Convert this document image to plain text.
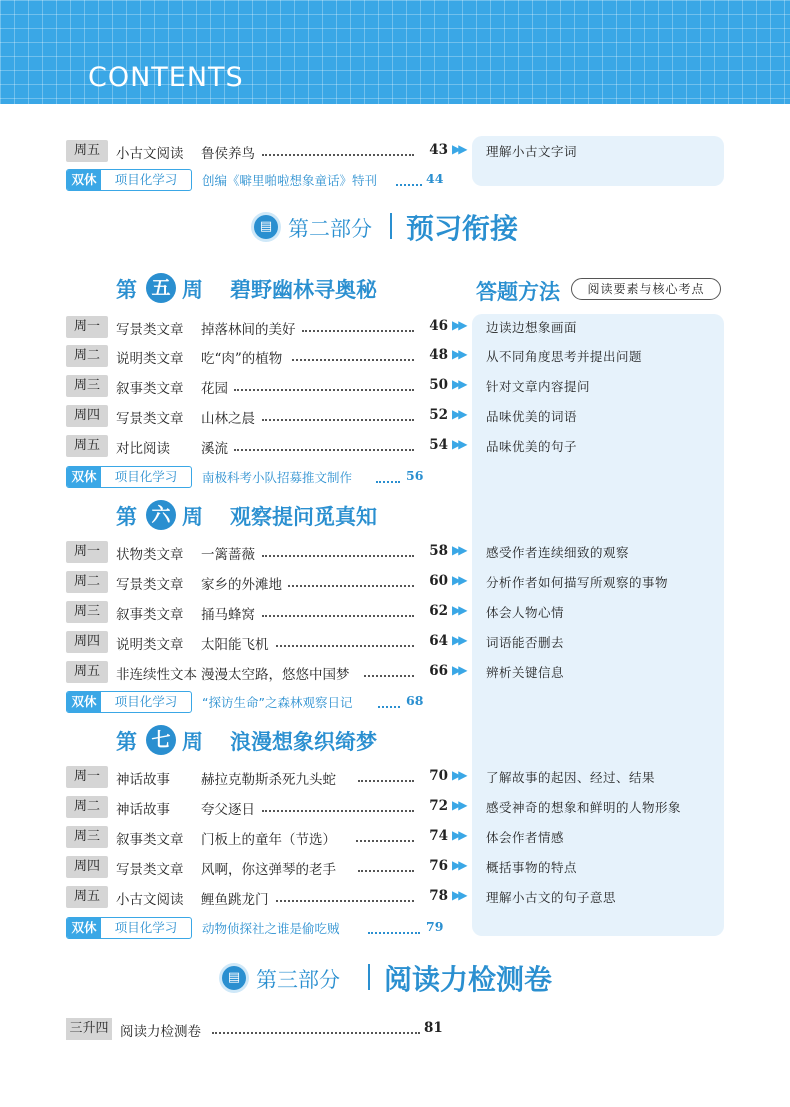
CONTENTS
周五	小古文阅读 鲁侯养鸟	43 ▶▶ 理解小古文字词
双休	项目化学习	创编《噼里啪啦想象童话》特刊	44
▤ 第二部分 预习衔接
答题方法	阅读要素与核心考点
第 五 周 碧野幽林寻奥秘
周一	写景类文章 掉落林间的美好	46 ▶▶ 边读边想象画面
周二	说明类文章 吃“肉”的植物	48 ▶▶ 从不同角度思考并提出问题
周三	叙事类文章 花园	50 ▶▶ 针对文章内容提问
周四	写景类文章 山林之晨	52 ▶▶ 品味优美的词语
周五	对比阅读 溪流	54 ▶▶ 品味优美的句子
双休	项目化学习	南极科考小队招募推文制作	56
第 六 周 观察提问觅真知
周一	状物类文章 一篱蔷薇	58 ▶▶ 感受作者连续细致的观察
周二	写景类文章 家乡的外滩地	60 ▶▶ 分析作者如何描写所观察的事物
周三	叙事类文章 捅马蜂窝	62 ▶▶ 体会人物心情
周四	说明类文章 太阳能飞机	64 ▶▶ 词语能否删去
周五	非连续性文本 漫漫太空路，悠悠中国梦	66 ▶▶ 辨析关键信息
双休	项目化学习	“探访生命”之森林观察日记	68
第 七 周 浪漫想象织绮梦
周一	神话故事 赫拉克勒斯杀死九头蛇	70 ▶▶ 了解故事的起因、经过、结果
周二	神话故事 夸父逐日	72 ▶▶ 感受神奇的想象和鲜明的人物形象
周三	叙事类文章 门板上的童年（节选）	74 ▶▶ 体会作者情感
周四	写景类文章 风啊，你这弹琴的老手	76 ▶▶ 概括事物的特点
周五	小古文阅读 鲤鱼跳龙门	78 ▶▶ 理解小古文的句子意思
双休	项目化学习	动物侦探社之谁是偷吃贼	79
▤ 第三部分 阅读力检测卷
三升四 阅读力检测卷	81
